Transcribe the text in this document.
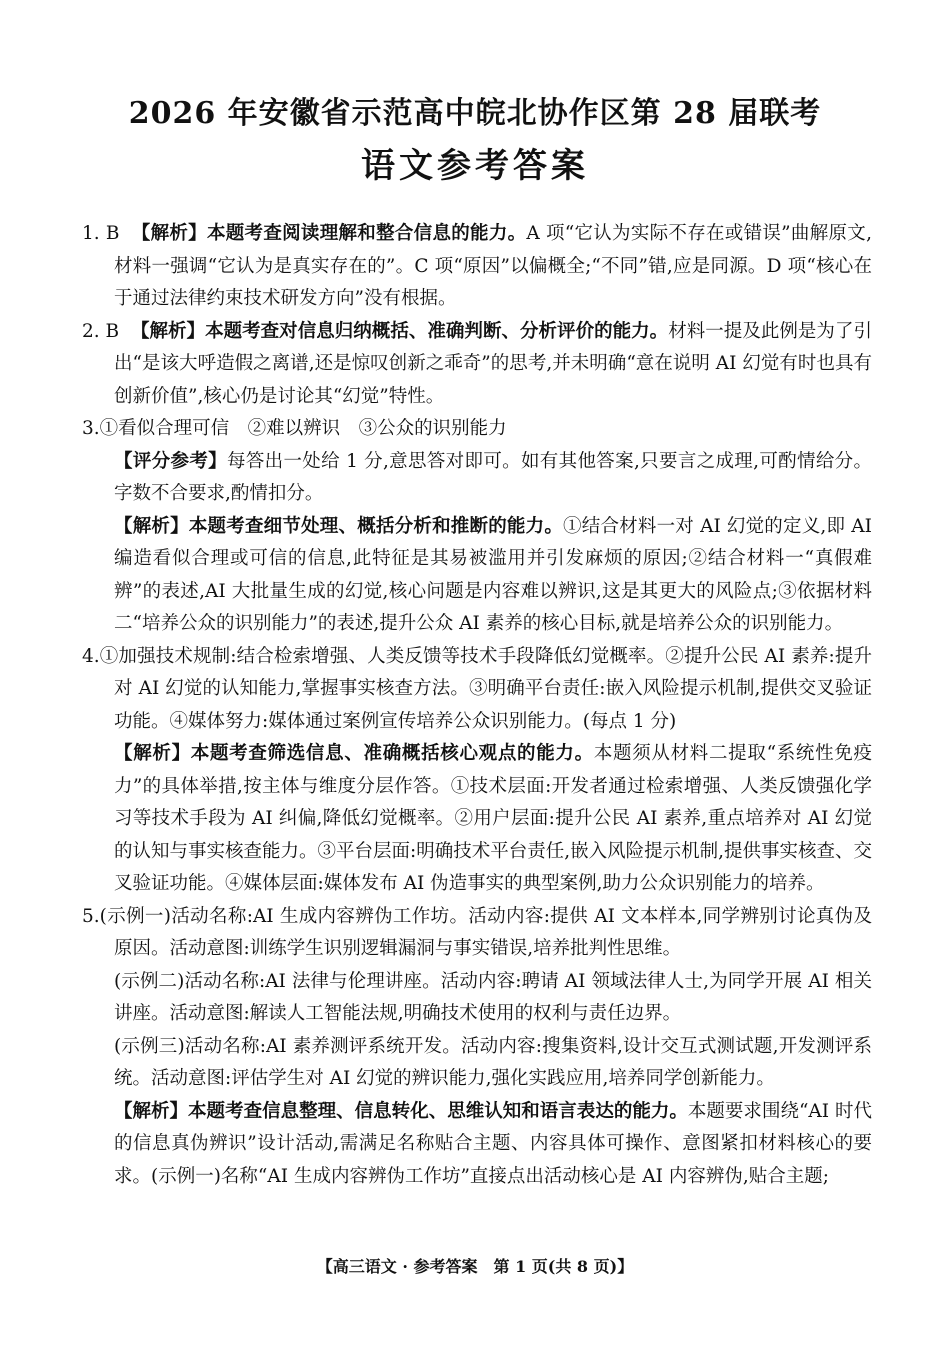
2026 年安徽省示范高中皖北协作区第 28 届联考
语文参考答案

1. B 【解析】本题考查阅读理解和整合信息的能力。A 项“它认为实际不存在或错误”曲解原文,材料一强调“它认为是真实存在的”。C 项“原因”以偏概全;“不同”错,应是同源。D 项“核心在于通过法律约束技术研发方向”没有根据。

2. B 【解析】本题考查对信息归纳概括、准确判断、分析评价的能力。材料一提及此例是为了引出“是该大呼造假之离谱,还是惊叹创新之乖奇”的思考,并未明确“意在说明 AI 幻觉有时也具有创新价值”,核心仍是讨论其“幻觉”特性。

3.①看似合理可信　②难以辨识　③公众的识别能力

【评分参考】每答出一处给 1 分,意思答对即可。如有其他答案,只要言之成理,可酌情给分。字数不合要求,酌情扣分。

【解析】本题考查细节处理、概括分析和推断的能力。①结合材料一对 AI 幻觉的定义,即 AI 编造看似合理或可信的信息,此特征是其易被滥用并引发麻烦的原因;②结合材料一“真假难辨”的表述,AI 大批量生成的幻觉,核心问题是内容难以辨识,这是其更大的风险点;③依据材料二“培养公众的识别能力”的表述,提升公众 AI 素养的核心目标,就是培养公众的识别能力。

4.①加强技术规制:结合检索增强、人类反馈等技术手段降低幻觉概率。②提升公民 AI 素养:提升对 AI 幻觉的认知能力,掌握事实核查方法。③明确平台责任:嵌入风险提示机制,提供交叉验证功能。④媒体努力:媒体通过案例宣传培养公众识别能力。(每点 1 分)

【解析】本题考查筛选信息、准确概括核心观点的能力。本题须从材料二提取“系统性免疫力”的具体举措,按主体与维度分层作答。①技术层面:开发者通过检索增强、人类反馈强化学习等技术手段为 AI 纠偏,降低幻觉概率。②用户层面:提升公民 AI 素养,重点培养对 AI 幻觉的认知与事实核查能力。③平台层面:明确技术平台责任,嵌入风险提示机制,提供事实核查、交叉验证功能。④媒体层面:媒体发布 AI 伪造事实的典型案例,助力公众识别能力的培养。

5.(示例一)活动名称:AI 生成内容辨伪工作坊。活动内容:提供 AI 文本样本,同学辨别讨论真伪及原因。活动意图:训练学生识别逻辑漏洞与事实错误,培养批判性思维。

(示例二)活动名称:AI 法律与伦理讲座。活动内容:聘请 AI 领域法律人士,为同学开展 AI 相关讲座。活动意图:解读人工智能法规,明确技术使用的权利与责任边界。

(示例三)活动名称:AI 素养测评系统开发。活动内容:搜集资料,设计交互式测试题,开发测评系统。活动意图:评估学生对 AI 幻觉的辨识能力,强化实践应用,培养同学创新能力。

【解析】本题考查信息整理、信息转化、思维认知和语言表达的能力。本题要求围绕“AI 时代的信息真伪辨识”设计活动,需满足名称贴合主题、内容具体可操作、意图紧扣材料核心的要求。(示例一)名称“AI 生成内容辨伪工作坊”直接点出活动核心是 AI 内容辨伪,贴合主题;

【高三语文 · 参考答案　第 1 页(共 8 页)】
